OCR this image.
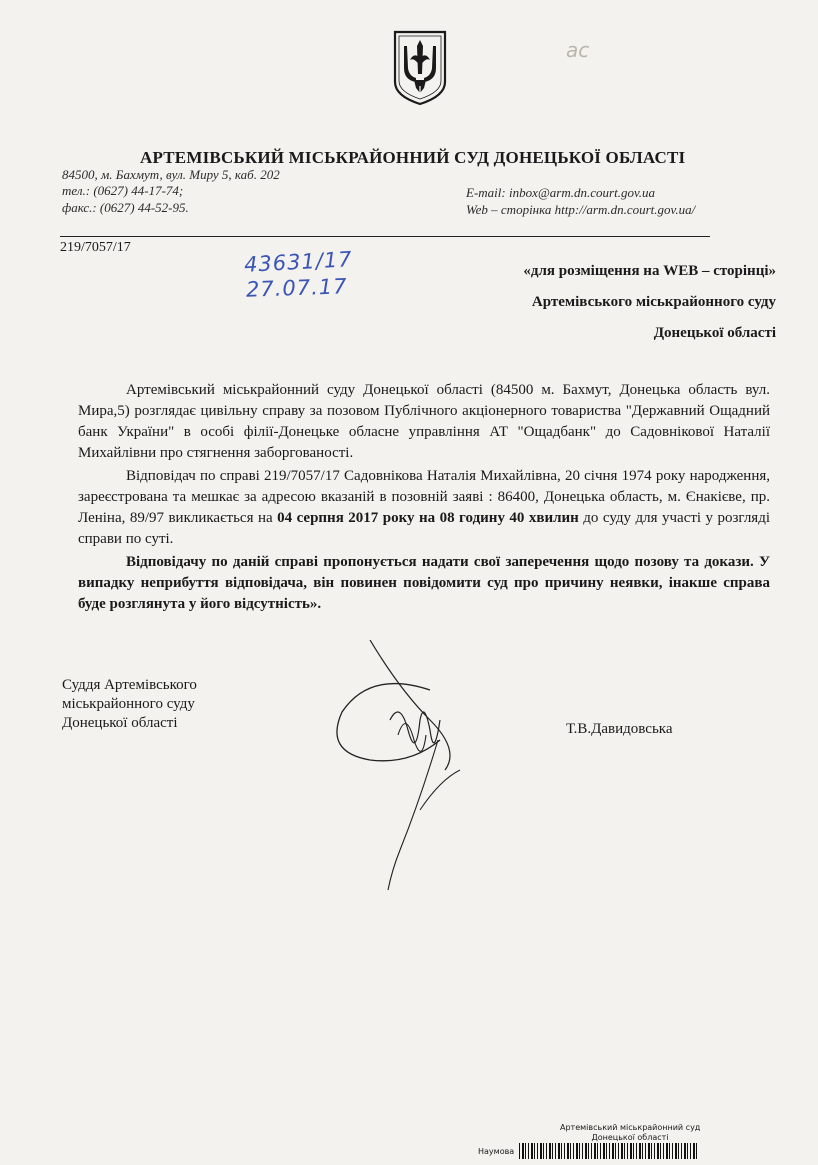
ас
АРТЕМІВСЬКИЙ МІСЬКРАЙОННИЙ СУД ДОНЕЦЬКОЇ ОБЛАСТІ
84500, м. Бахмут, вул. Миру 5, каб. 202
тел.: (0627) 44-17-74;
факс.: (0627) 44-52-95.
E-mail: inbox@arm.dn.court.gov.ua
Web – сторінка http://arm.dn.court.gov.ua/
219/7057/17	43631/17
27.07.17
«для розміщення на WEB – сторінці»
Артемівського міськрайонного суду
Донецької області

Артемівський міськрайонний суду Донецької області (84500 м. Бахмут, Донецька область вул. Мира,5) розглядає цивільну справу за позовом Публічного акціонерного товариства "Державний Ощадний банк України" в особі філії-Донецьке обласне управління АТ "Ощадбанк" до Садовнікової Наталії Михайлівни про стягнення заборгованості.

Відповідач по справі 219/7057/17 Садовнікова Наталія Михайлівна, 20 січня 1974 року народження, зареєстрована та мешкає за адресою вказаній в позовній заяві : 86400, Донецька область, м. Єнакієве, пр. Леніна, 89/97 викликається на 04 серпня 2017 року на 08 годину 40 хвилин до суду для участі у розгляді справи по суті.

Відповідачу по даній справі пропонується надати свої заперечення щодо позову та докази. У випадку неприбуття відповідача, він повинен повідомити суд про причину неявки, інакше справа буде розглянута у його відсутність».

Суддя Артемівського
міськрайонного суду
Донецької області	Т.В.Давидовська
Артемівський міськрайонний суд
Донецької області
Наумова
